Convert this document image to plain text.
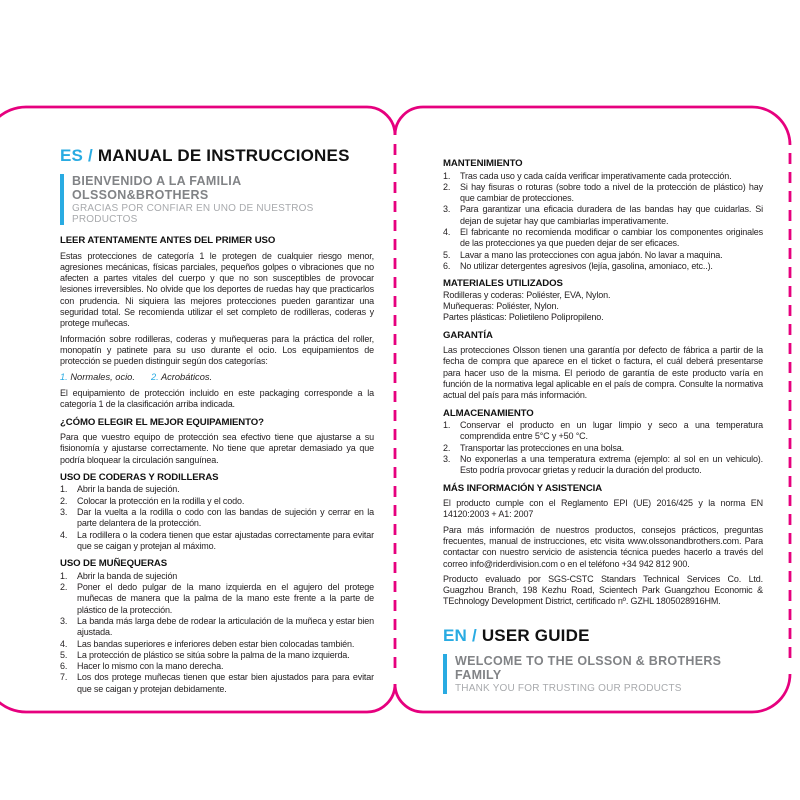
ES / MANUAL DE INSTRUCCIONES
BIENVENIDO A LA FAMILIA OLSSON&BROTHERS
GRACIAS POR CONFIAR EN UNO DE NUESTROS PRODUCTOS
LEER ATENTAMENTE ANTES DEL PRIMER USO
Estas protecciones de categoría 1 le protegen de cualquier riesgo menor, agresiones mecánicas, físicas parciales, pequeños golpes o vibraciones que no afecten a partes vitales del cuerpo y que no son susceptibles de provocar lesiones irreversibles. No olvide que los deportes de ruedas hay que practicarlos con prudencia. Ni siquiera las mejores protecciones pueden garantizar una seguridad total. Se recomienda utilizar el set completo de rodilleras, coderas y protege muñecas.
Información sobre rodilleras, coderas y muñequeras para la práctica del roller, monopatín y patinete para su uso durante el ocio. Los equipamientos de protección se pueden distinguir según dos categorías:
1. Normales, ocio. 2. Acrobáticos.
El equipamiento de protección incluido en este packaging corresponde a la categoría 1 de la clasificación arriba indicada.
¿CÓMO ELEGIR EL MEJOR EQUIPAMIENTO?
Para que vuestro equipo de protección sea efectivo tiene que ajustarse a su fisionomía y ajustarse correctamente. No tiene que apretar demasiado ya que podría bloquear la circulación sanguínea.
USO DE CODERAS Y RODILLERAS
1. Abrir la banda de sujeción.
2. Colocar la protección en la rodilla y el codo.
3. Dar la vuelta a la rodilla o codo con las bandas de sujeción y cerrar en la parte delantera de la protección.
4. La rodillera o la codera tienen que estar ajustadas correctamente para evitar que se caigan y protejan al máximo.
USO DE MUÑEQUERAS
1. Abrir la banda de sujeción
2. Poner el dedo pulgar de la mano izquierda en el agujero del protege muñecas de manera que la palma de la mano este frente a la parte de plástico de la protección.
3. La banda más larga debe de rodear la articulación de la muñeca y estar bien ajustada.
4. Las bandas superiores e inferiores deben estar bien colocadas también.
5. La protección de plástico se sitúa sobre la palma de la mano izquierda.
6. Hacer lo mismo con la mano derecha.
7. Los dos protege muñecas tienen que estar bien ajustados para para evitar que se caigan y protejan debidamente.
MANTENIMIENTO
1. Tras cada uso y cada caída verificar imperativamente cada protección.
2. Si hay fisuras o roturas (sobre todo a nivel de la protección de plástico) hay que cambiar de protecciones.
3. Para garantizar una eficacia duradera de las bandas hay que cuidarlas. Si dejan de sujetar hay que cambiarlas imperativamente.
4. El fabricante no recomienda modificar o cambiar los componentes originales de las protecciones ya que pueden dejar de ser eficaces.
5. Lavar a mano las protecciones con agua jabón. No lavar a maquina.
6. No utilizar detergentes agresivos (lejía, gasolina, amoniaco, etc..).
MATERIALES UTILIZADOS
Rodilleras y coderas: Poliéster, EVA, Nylon.
Muñequeras: Poliéster, Nylon.
Partes plásticas: Polietileno Polipropileno.
GARANTÍA
Las protecciones Olsson tienen una garantía por defecto de fábrica a partir de la fecha de compra que aparece en el ticket o factura, el cuál deberá presentarse para hacer uso de la misma. El periodo de garantía de este producto varía en función de la normativa legal aplicable en el país de compra. Consulte la normativa actual del país para más información.
ALMACENAMIENTO
1. Conservar el producto en un lugar limpio y seco a una temperatura comprendida entre 5°C y +50 °C.
2. Transportar las protecciones en una bolsa.
3. No exponerlas a una temperatura extrema (ejemplo: al sol en un vehiculo). Esto podría provocar grietas y reducir la duración del producto.
MÁS INFORMACIÓN Y ASISTENCIA
El producto cumple con el Reglamento EPI (UE) 2016/425 y la norma EN 14120:2003 + A1: 2007
Para más información de nuestros productos, consejos prácticos, preguntas frecuentes, manual de instrucciones, etc visita www.olssonandbrothers.com. Para contactar con nuestro servicio de asistencia técnica puedes hacerlo a través del correo info@riderdivision.com o en el teléfono +34 942 812 900.
Producto evaluado por SGS-CSTC Standars Technical Services Co. Ltd. Guagzhou Branch, 198 Kezhu Road, Scientech Park Guangzhou Economic & TEchnology Development District, certificado nº. GZHL 1805028916HM.
EN / USER GUIDE
WELCOME TO THE OLSSON & BROTHERS FAMILY
THANK YOU FOR TRUSTING OUR PRODUCTS
